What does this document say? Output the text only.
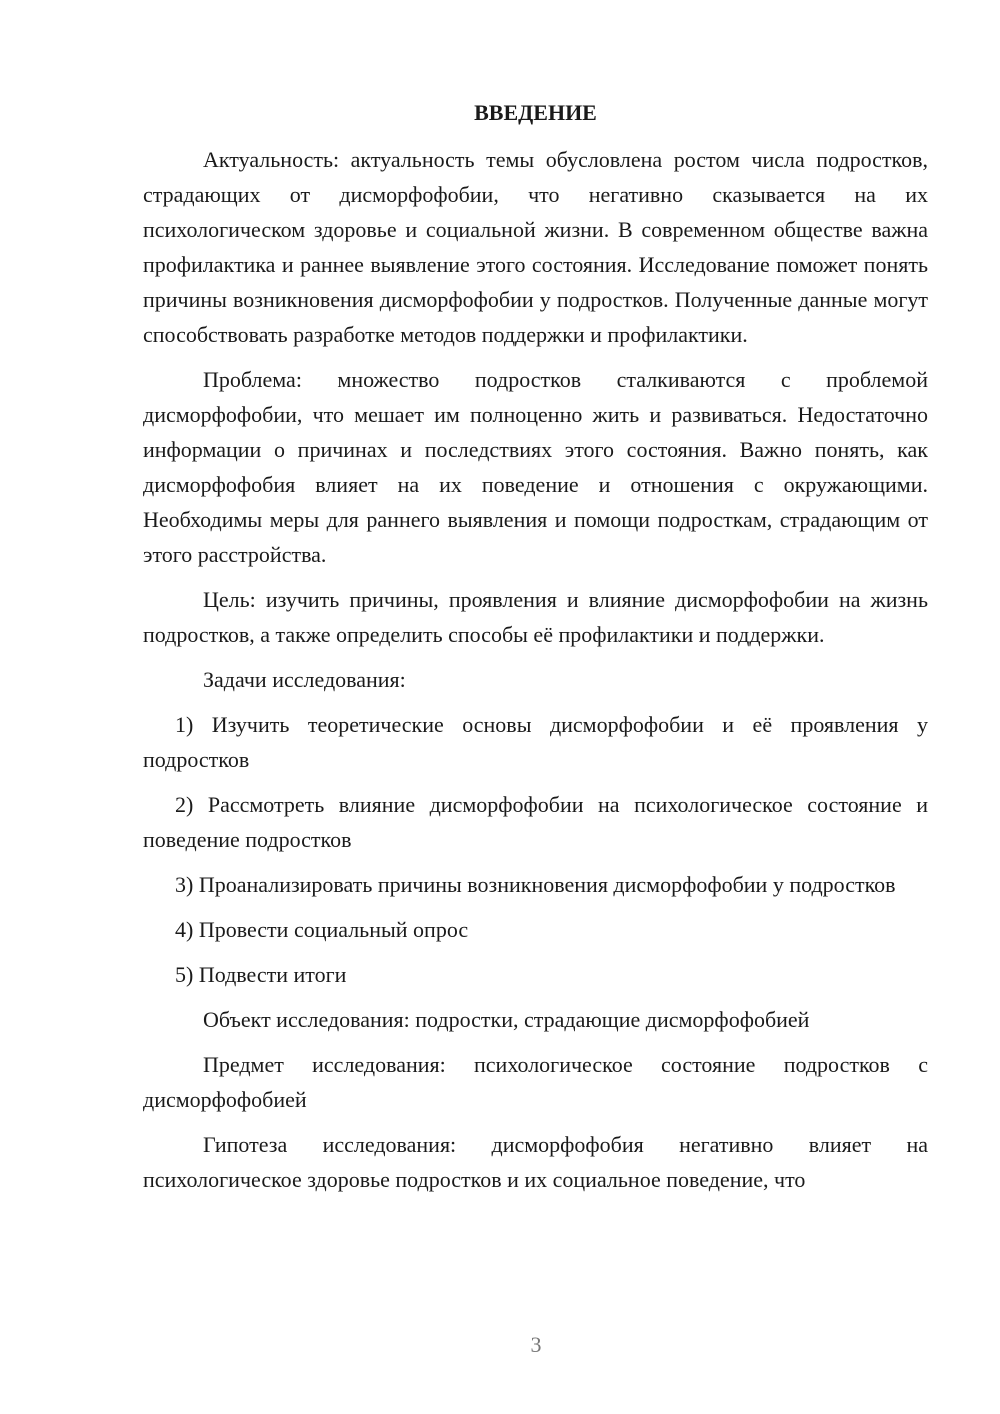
ВВЕДЕНИЕ

Актуальность: актуальность темы обусловлена ростом числа подростков, страдающих от дисморфофобии, что негативно сказывается на их психологическом здоровье и социальной жизни. В современном обществе важна профилактика и раннее выявление этого состояния. Исследование поможет понять причины возникновения дисморфофобии у подростков. Полученные данные могут способствовать разработке методов поддержки и профилактики.

Проблема: множество подростков сталкиваются с проблемой дисморфофобии, что мешает им полноценно жить и развиваться. Недостаточно информации о причинах и последствиях этого состояния. Важно понять, как дисморфофобия влияет на их поведение и отношения с окружающими. Необходимы меры для раннего выявления и помощи подросткам, страдающим от этого расстройства.

Цель: изучить причины, проявления и влияние дисморфофобии на жизнь подростков, а также определить способы её профилактики и поддержки.

Задачи исследования:

1) Изучить теоретические основы дисморфофобии и её проявления у подростков

2) Рассмотреть влияние дисморфофобии на психологическое состояние и поведение подростков

3) Проанализировать причины возникновения дисморфофобии у подростков

4) Провести социальный опрос

5) Подвести итоги

Объект исследования: подростки, страдающие дисморфофобией

Предмет исследования: психологическое состояние подростков с дисморфофобией

Гипотеза исследования: дисморфофобия негативно влияет на психологическое здоровье подростков и их социальное поведение, что

3
